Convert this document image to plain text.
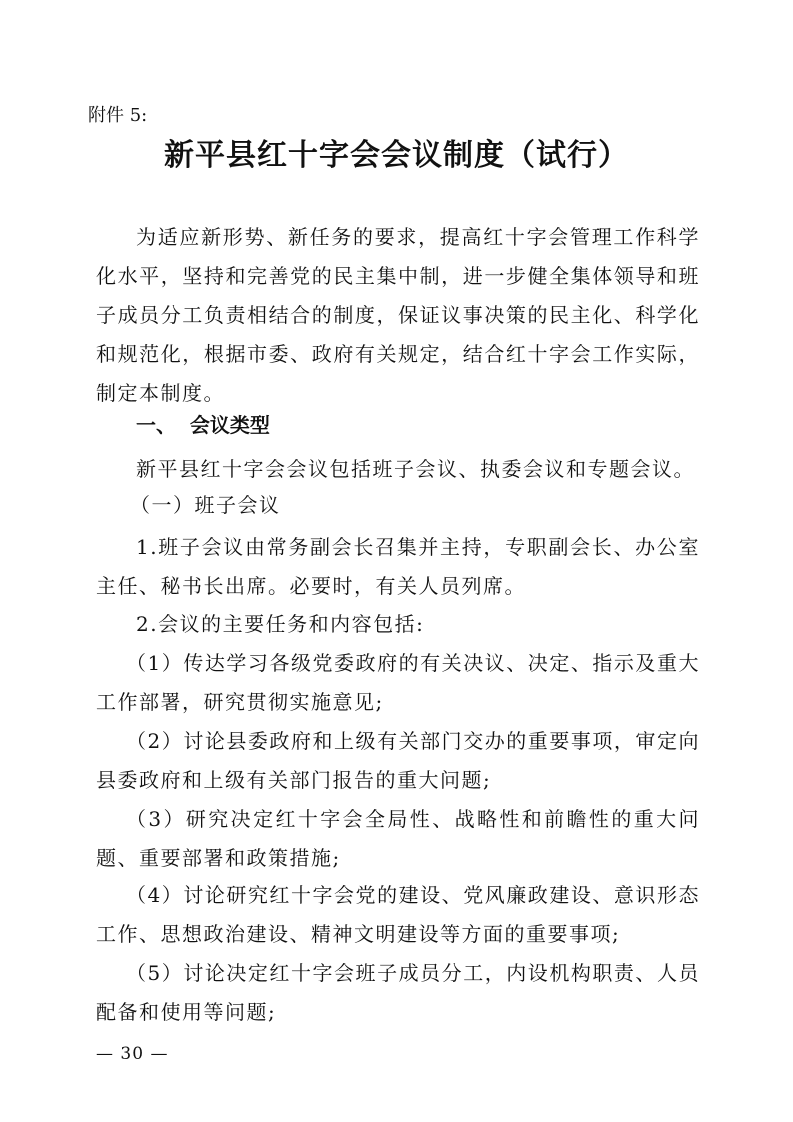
附件 5:
新平县红十字会会议制度（试行）
为适应新形势、新任务的要求，提高红十字会管理工作科学化水平，坚持和完善党的民主集中制，进一步健全集体领导和班子成员分工负责相结合的制度，保证议事决策的民主化、科学化和规范化，根据市委、政府有关规定，结合红十字会工作实际，制定本制度。
一、  会议类型
新平县红十字会会议包括班子会议、执委会议和专题会议。
（一）班子会议
1.班子会议由常务副会长召集并主持，专职副会长、办公室主任、秘书长出席。必要时，有关人员列席。
2.会议的主要任务和内容包括:
（1）传达学习各级党委政府的有关决议、决定、指示及重大工作部署，研究贯彻实施意见;
（2）讨论县委政府和上级有关部门交办的重要事项，审定向县委政府和上级有关部门报告的重大问题;
（3）研究决定红十字会全局性、战略性和前瞻性的重大问题、重要部署和政策措施;
（4）讨论研究红十字会党的建设、党风廉政建设、意识形态工作、思想政治建设、精神文明建设等方面的重要事项;
（5）讨论决定红十字会班子成员分工，内设机构职责、人员配备和使用等问题;
— 30 —
